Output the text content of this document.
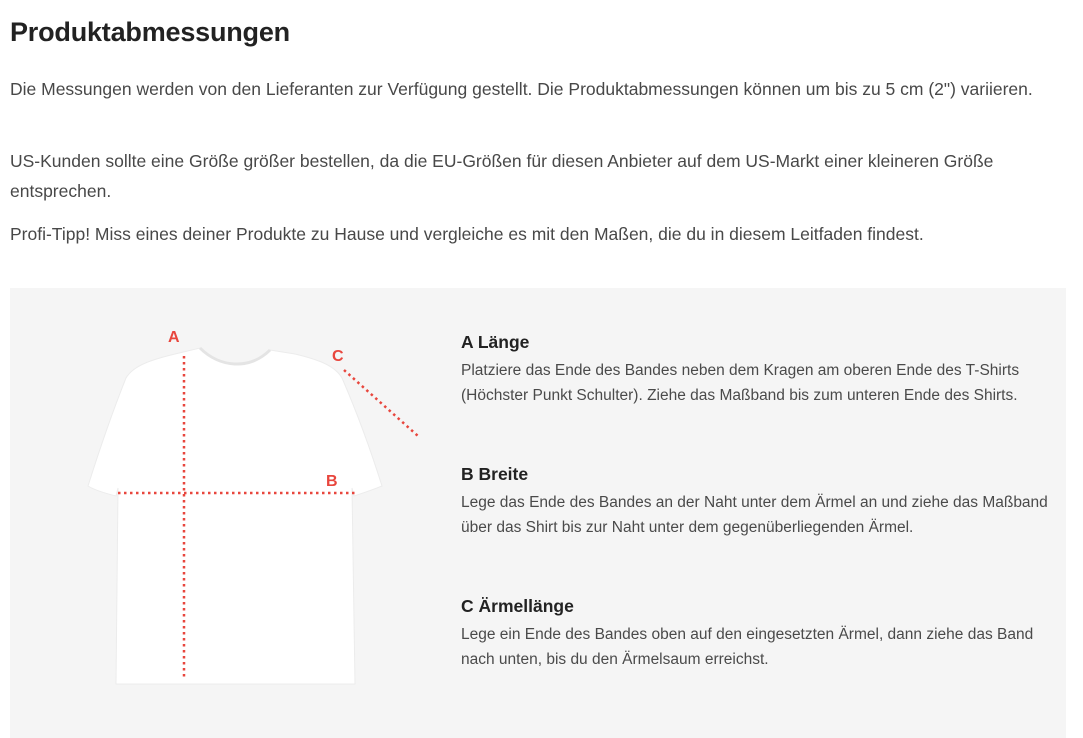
Produktabmessungen

Die Messungen werden von den Lieferanten zur Verfügung gestellt. Die Produktabmessungen können um bis zu 5 cm (2") variieren.

US-Kunden sollte eine Größe größer bestellen, da die EU-Größen für diesen Anbieter auf dem US-Markt einer kleineren Größe entsprechen.

Profi-Tipp! Miss eines deiner Produkte zu Hause und vergleiche es mit den Maßen, die du in diesem Leitfaden findest.

A
B
C
A Länge

Platziere das Ende des Bandes neben dem Kragen am oberen Ende des T-Shirts (Höchster Punkt Schulter). Ziehe das Maßband bis zum unteren Ende des Shirts.

B Breite

Lege das Ende des Bandes an der Naht unter dem Ärmel an und ziehe das Maßband über das Shirt bis zur Naht unter dem gegenüberliegenden Ärmel.

C Ärmellänge

Lege ein Ende des Bandes oben auf den eingesetzten Ärmel, dann ziehe das Band nach unten, bis du den Ärmelsaum erreichst.
